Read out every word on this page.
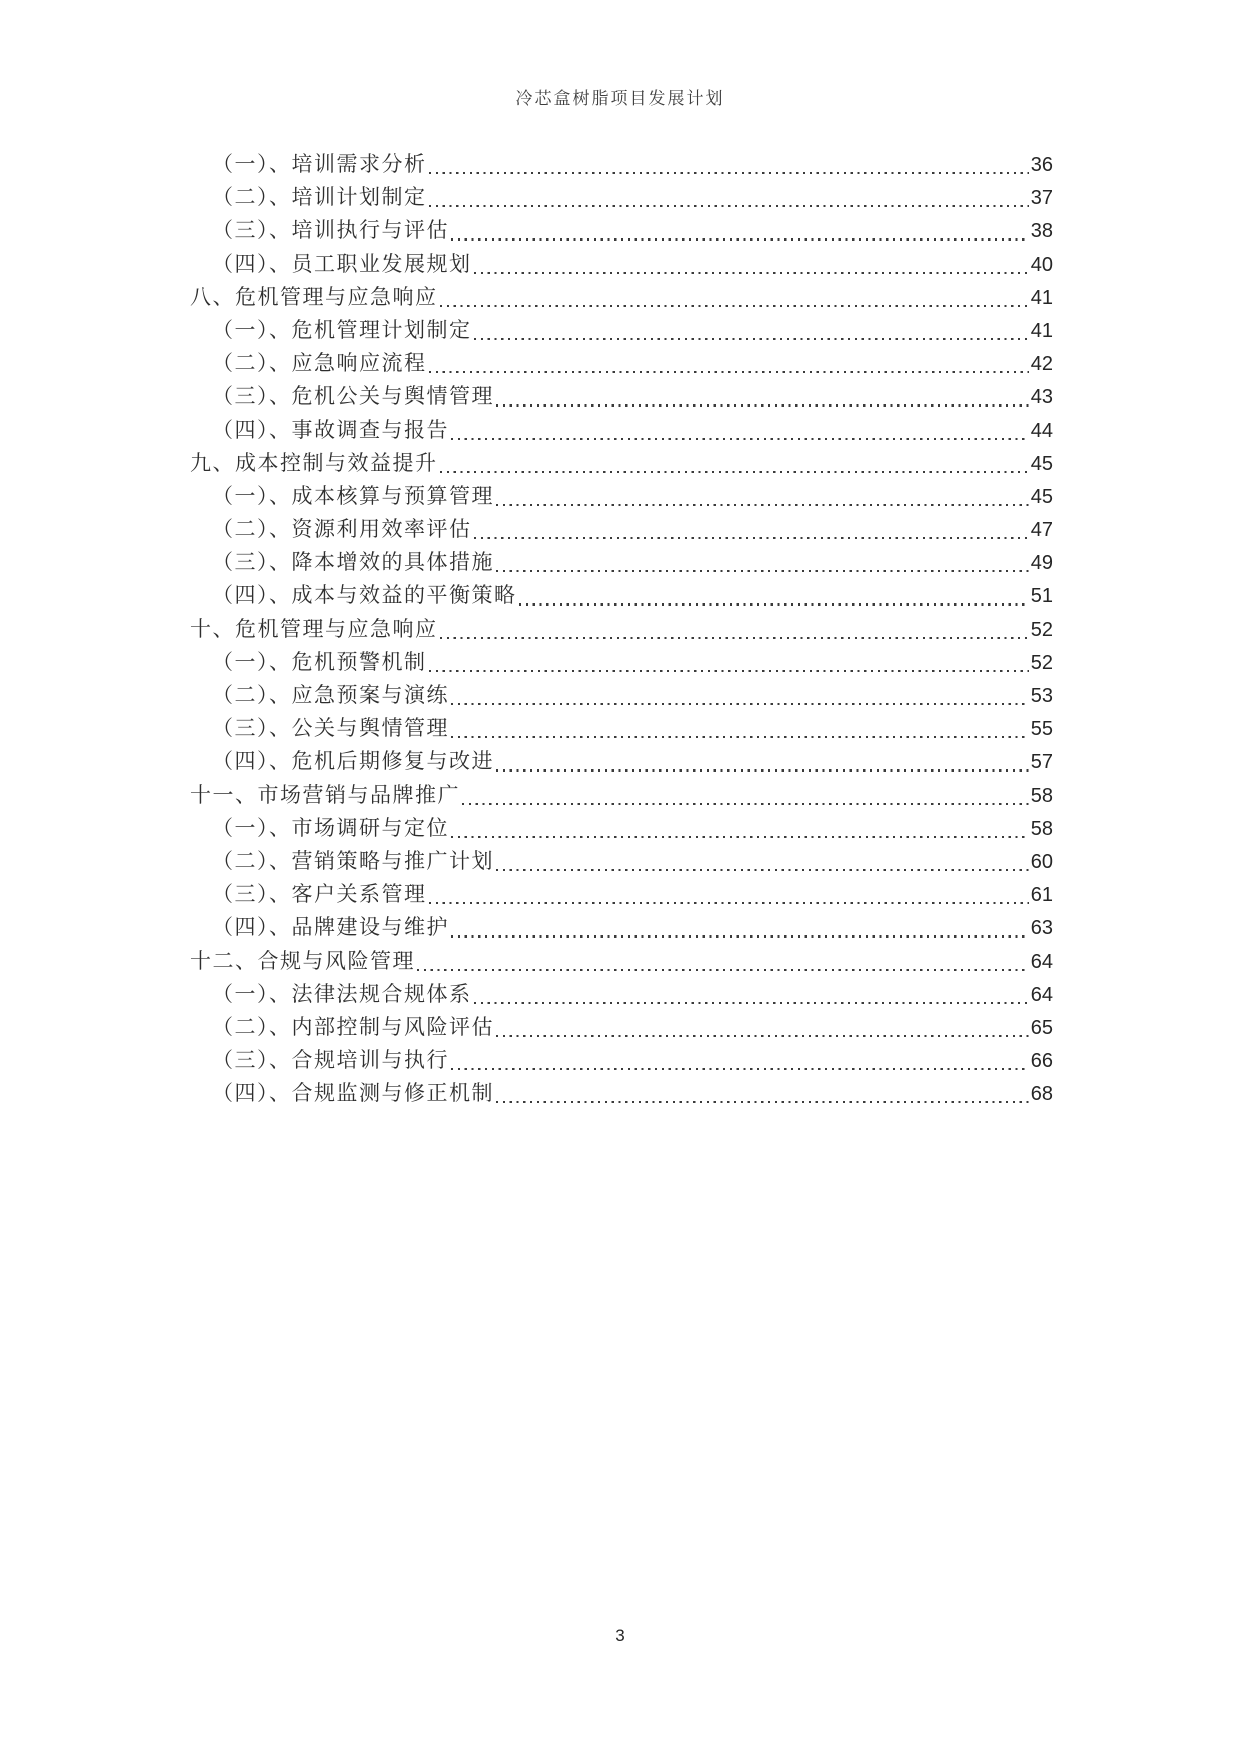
冷芯盒树脂项目发展计划
（一）、培训需求分析	36
（二）、培训计划制定	37
（三）、培训执行与评估	38
（四）、员工职业发展规划	40
八、危机管理与应急响应	41
（一）、危机管理计划制定	41
（二）、应急响应流程	42
（三）、危机公关与舆情管理	43
（四）、事故调查与报告	44
九、成本控制与效益提升	45
（一）、成本核算与预算管理	45
（二）、资源利用效率评估	47
（三）、降本增效的具体措施	49
（四）、成本与效益的平衡策略	51
十、危机管理与应急响应	52
（一）、危机预警机制	52
（二）、应急预案与演练	53
（三）、公关与舆情管理	55
（四）、危机后期修复与改进	57
十一、市场营销与品牌推广	58
（一）、市场调研与定位	58
（二）、营销策略与推广计划	60
（三）、客户关系管理	61
（四）、品牌建设与维护	63
十二、合规与风险管理	64
（一）、法律法规合规体系	64
（二）、内部控制与风险评估	65
（三）、合规培训与执行	66
（四）、合规监测与修正机制	68
3
